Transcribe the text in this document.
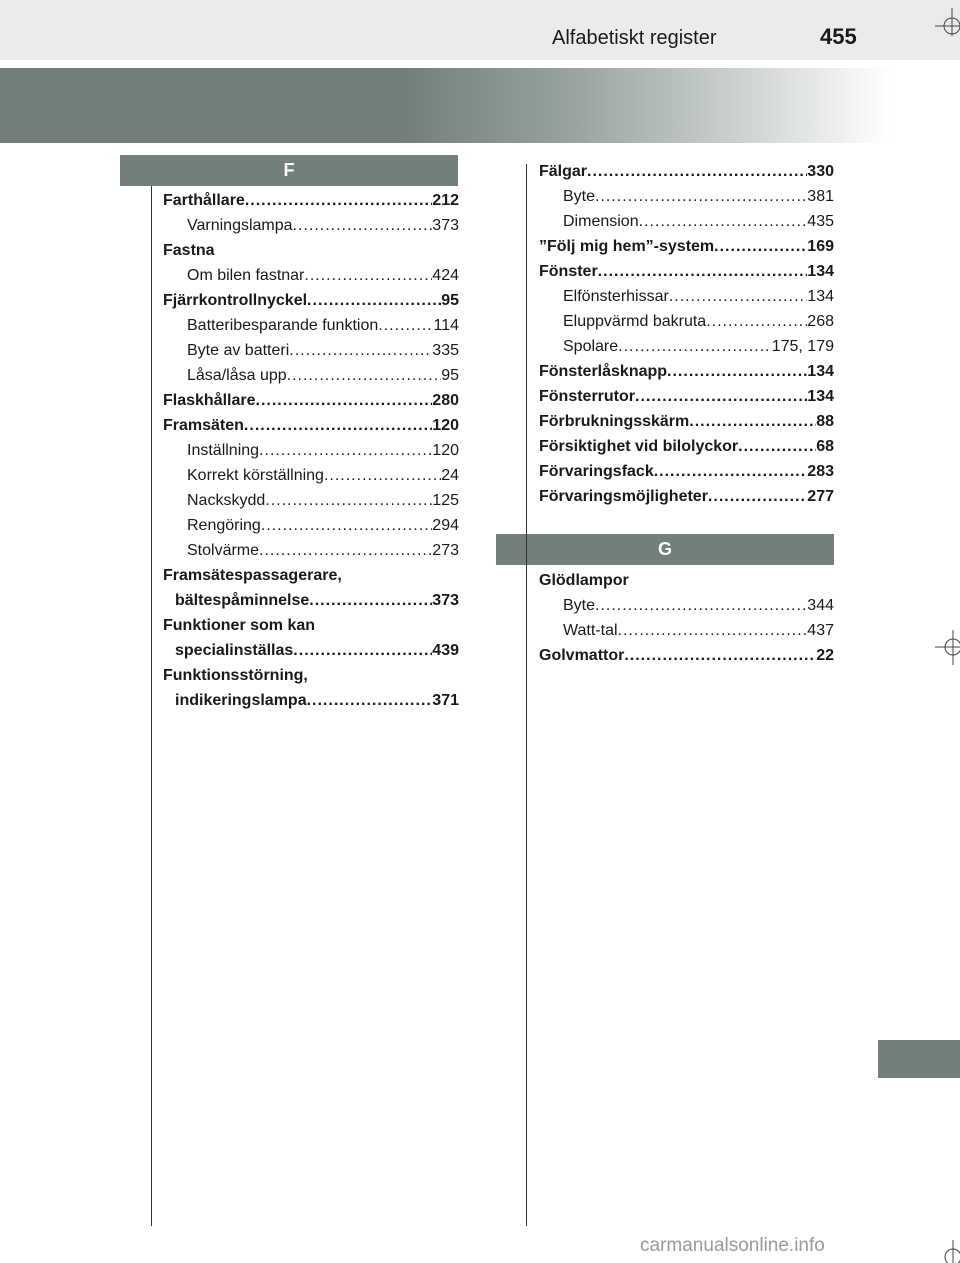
Alfabetiskt register	455
F
G
Farthållare .....	212
Varningslampa .....	373
Fastna
Om bilen fastnar .....	424
Fjärrkontrollnyckel .....	95
Batteribesparande funktion .....	114
Byte av batteri .....	335
Låsa/låsa upp .....	95
Flaskhållare .....	280
Framsäten .....	120
Inställning .....	120
Korrekt körställning .....	24
Nackskydd .....	125
Rengöring .....	294
Stolvärme .....	273
Framsätespassagerare,
bältespåminnelse .....	373
Funktioner som kan
specialinställas .....	439
Funktionsstörning,
indikeringslampa .....	371
Fälgar .....	330
Byte .....	381
Dimension .....	435
”Följ mig hem”-system .....	169
Fönster .....	134
Elfönsterhissar .....	134
Eluppvärmd bakruta .....	268
Spolare .....	175, 179
Fönsterlåsknapp .....	134
Fönsterrutor .....	134
Förbrukningsskärm .....	88
Försiktighet vid bilolyckor .....	68
Förvaringsfack .....	283
Förvaringsmöjligheter .....	277
Glödlampor
Byte .....	344
Watt-tal .....	437
Golvmattor .....	22
carmanualsonline.info
